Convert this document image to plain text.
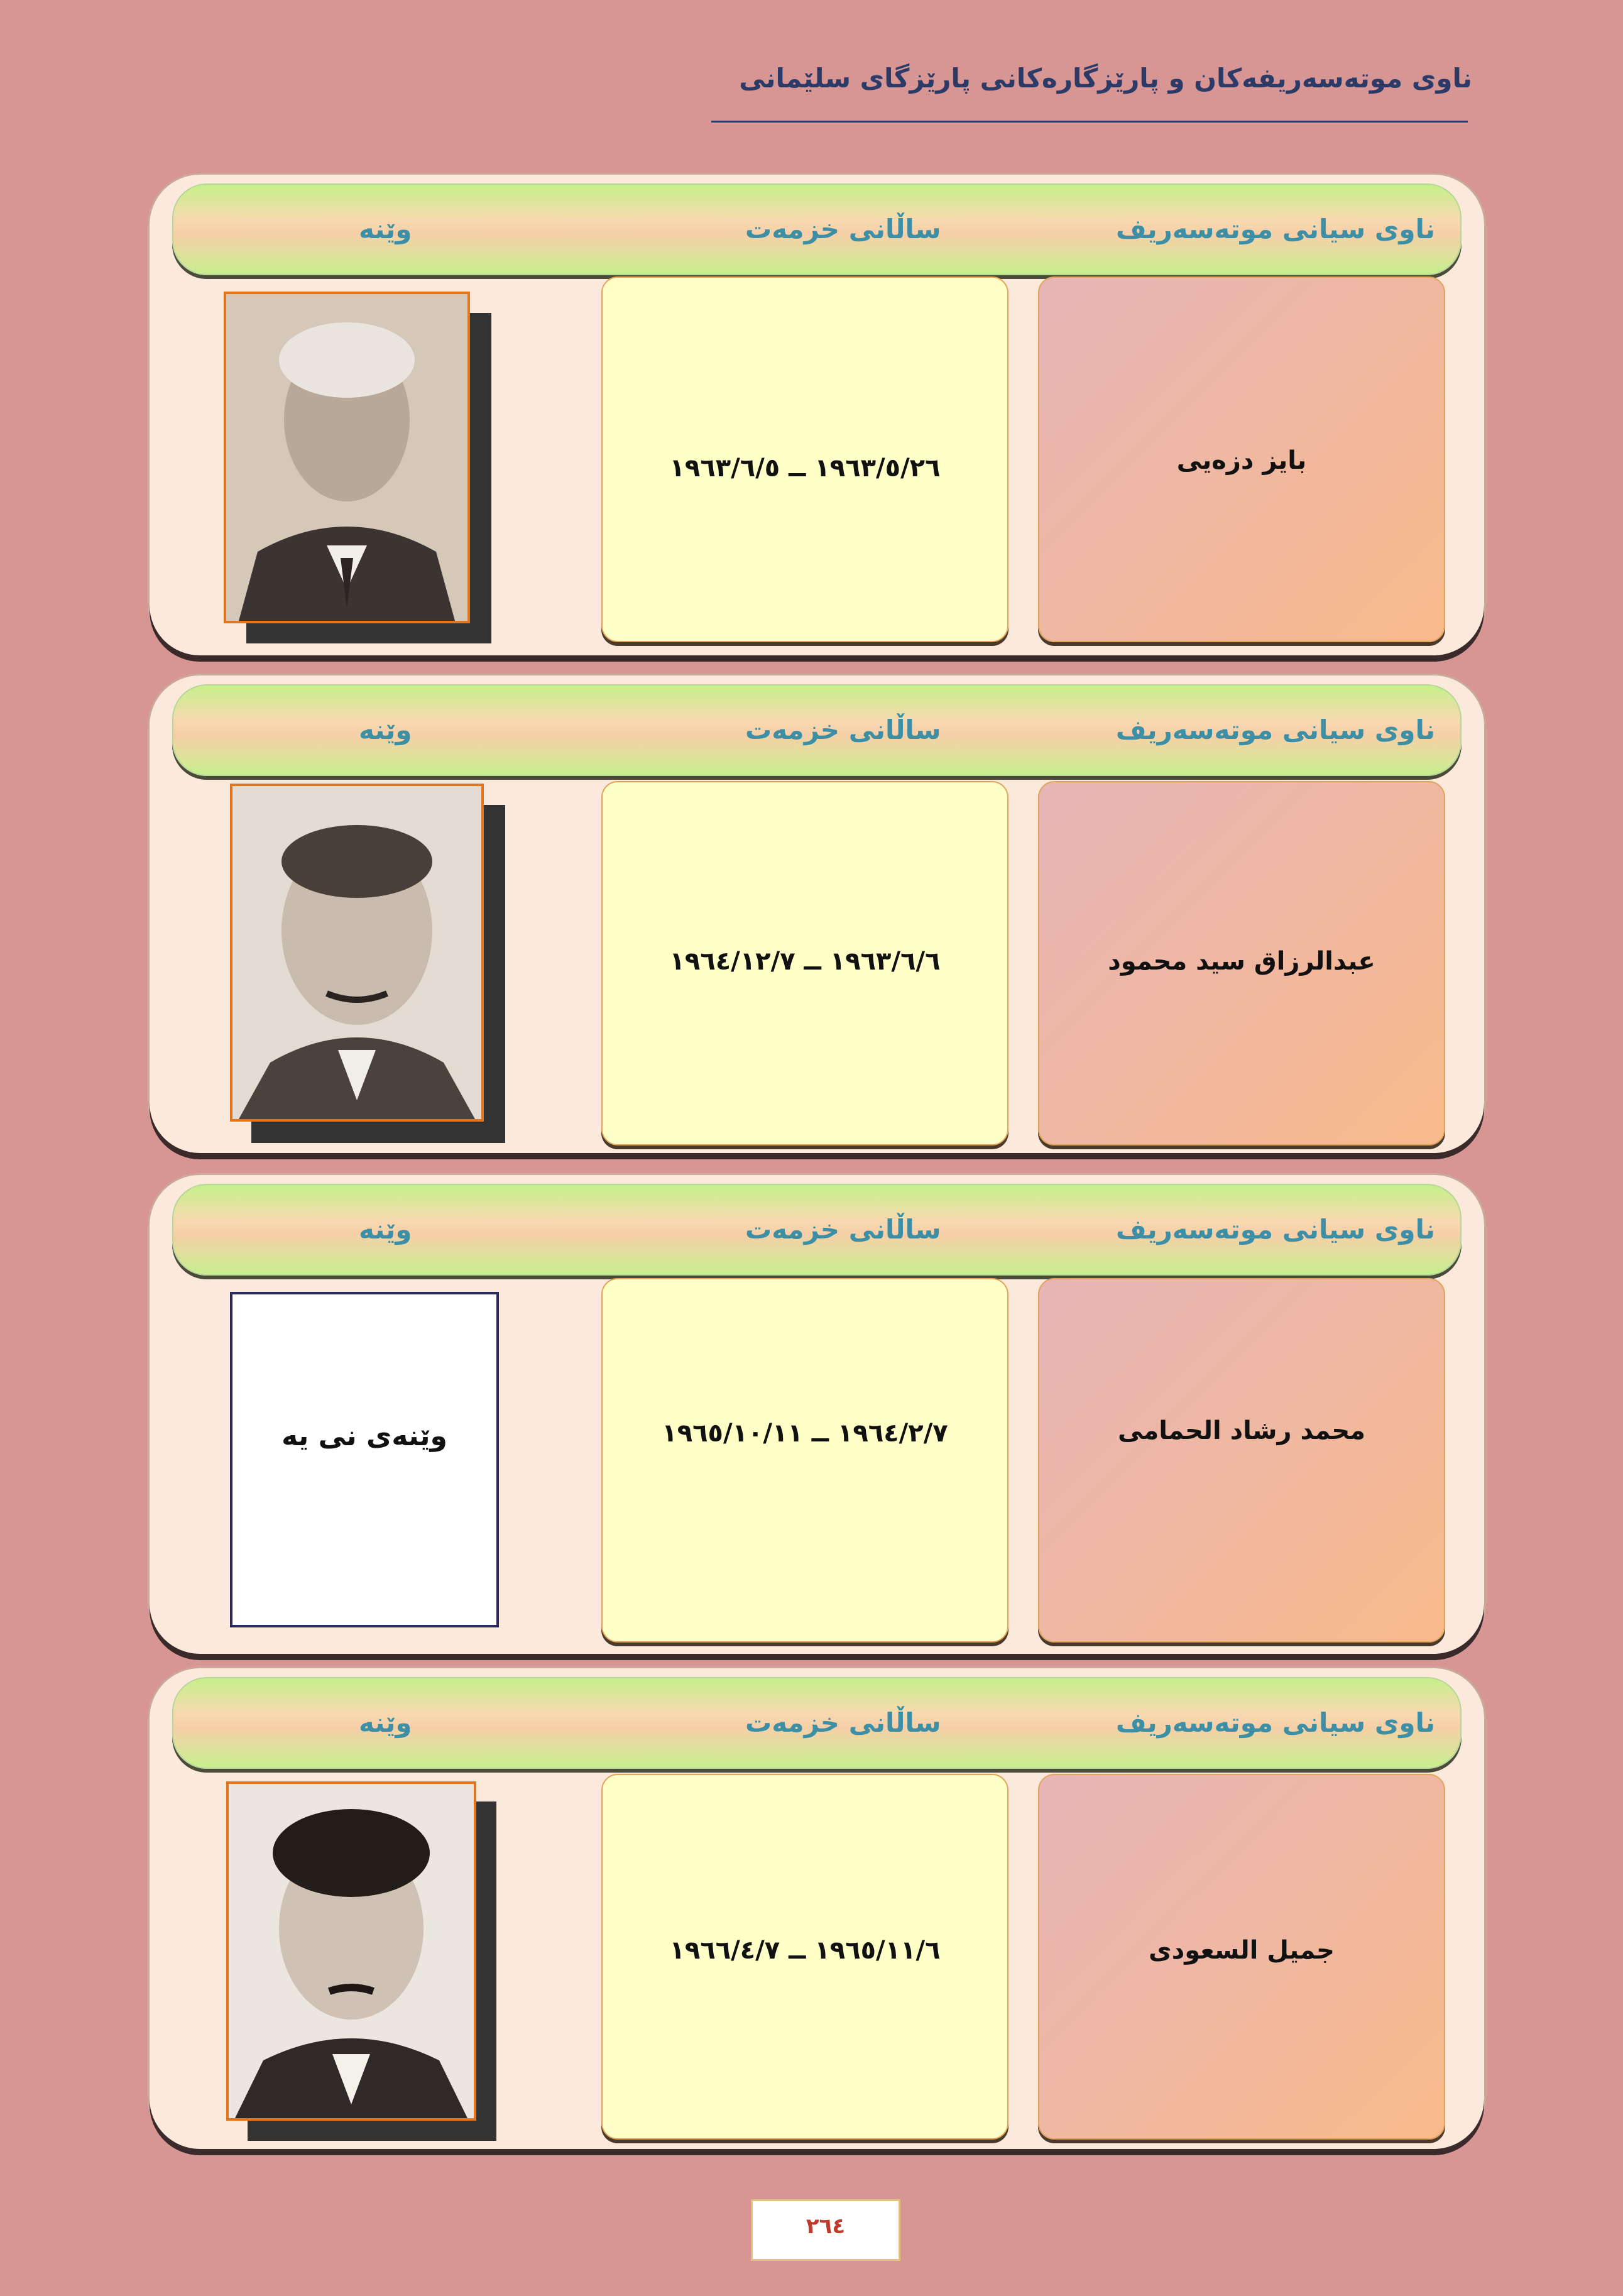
ناوی موتەسەریفەکان و پارێزگارەکانی پارێزگای سلێمانی
ناوی سیانی موتەسەریف
ساڵانی خزمەت
وێنە
بایز دزەیی
١٩٦٣/٥/٢٦ ــ ١٩٦٣/٦/٥
ناوی سیانی موتەسەریف
ساڵانی خزمەت
وێنە
عبدالرزاق سید محمود
١٩٦٣/٦/٦ ــ ١٩٦٤/١٢/٧
ناوی سیانی موتەسەریف
ساڵانی خزمەت
وێنە
محمد رشاد الحمامی
١٩٦٤/٢/٧ ــ ١٩٦٥/١٠/١١
وێنەی نی یە
ناوی سیانی موتەسەریف
ساڵانی خزمەت
وێنە
جمیل السعودی
١٩٦٥/١١/٦ ــ ١٩٦٦/٤/٧
٢٦٤
